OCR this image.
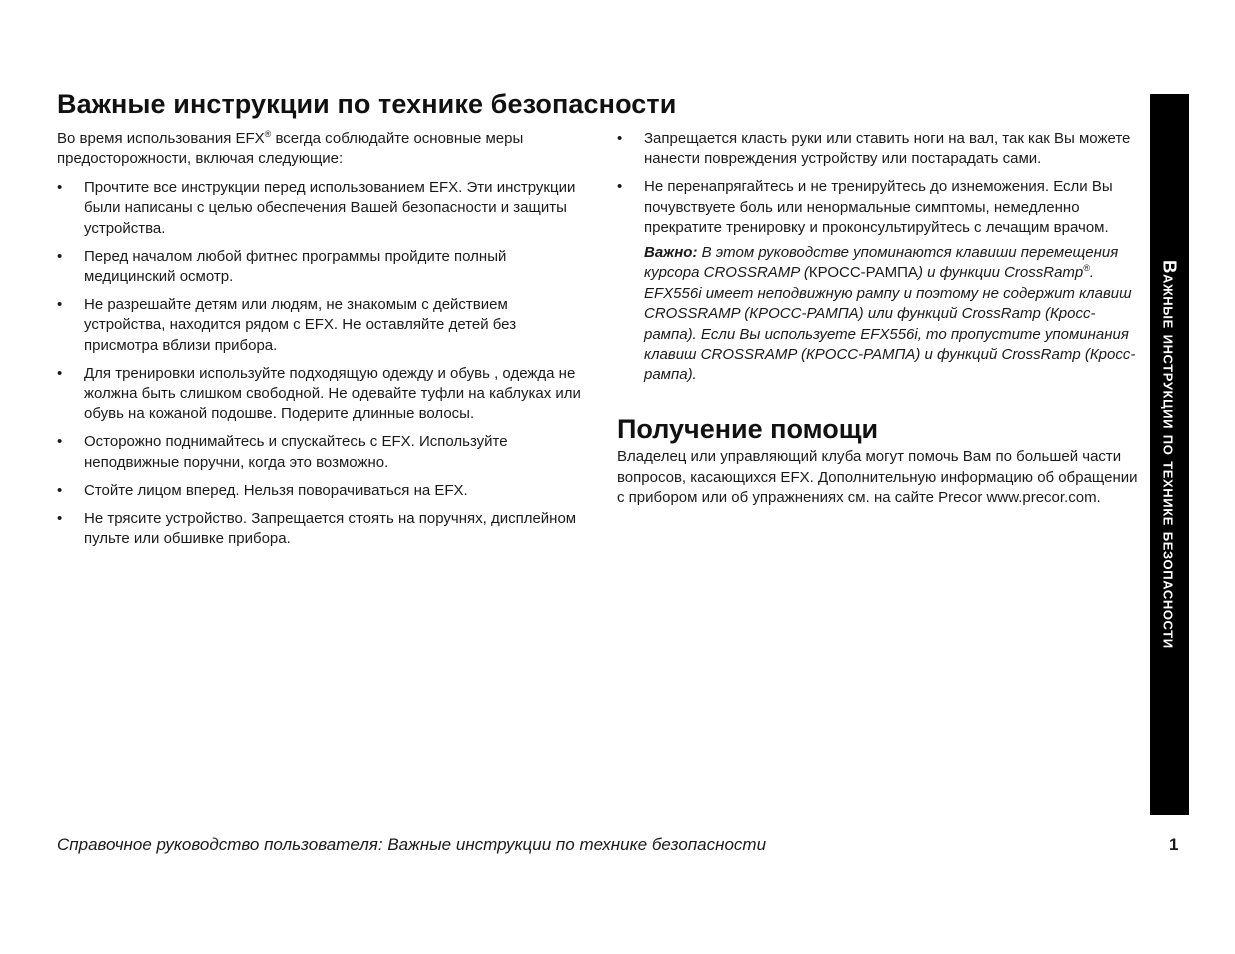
Важные инструкции по технике безопасности

Во время использования EFX® всегда соблюдайте основные меры предосторожности, включая следующие:

• Прочтите все инструкции перед использованием EFX. Эти инструкции были написаны с целью обеспечения Вашей безопасности и защиты устройства.
• Перед началом любой фитнес программы пройдите полный медицинский осмотр.
• Не разрешайте детям или людям, не знакомым с действием устройства, находится рядом с EFX. Не оставляйте детей без присмотра вблизи прибора.
• Для тренировки используйте подходящую одежду и обувь , одежда не жолжна быть слишком свободной. Не одевайте туфли на каблуках или обувь на кожаной подошве. Подерите длинные волосы.
• Осторожно поднимайтесь и спускайтесь с EFX. Используйте неподвижные поручни, когда это возможно.
• Стойте лицом вперед. Нельзя поворачиваться на EFX.
• Не трясите устройство. Запрещается стоять на поручнях, дисплейном пульте или обшивке прибора.
• Запрещается класть руки или ставить ноги на вал, так как Вы можете нанести повреждения устройству или постарадать сами.
• Не перенапрягайтесь и не тренируйтесь до изнеможения. Если Вы почувствуете боль или ненормальные симптомы, немедленно прекратите тренировку и проконсультируйтесь с лечащим врачом.

Важно: В этом руководстве упоминаются клавиши перемещения курсора CROSSRAMP (КРОСС-РАМПА) и функции CrossRamp®. EFX556i имеет неподвижную рампу и поэтому не содержит клавиш CROSSRAMP (КРОСС-РАМПА) или функций CrossRamp (Кросс-рампа). Если Вы используете EFX556i, то пропустите упоминания клавиш CROSSRAMP (КРОСС-РАМПА) и функций CrossRamp (Кросс-рампа).

Получение помощи

Владелец или управляющий клуба могут помочь Вам по большей части вопросов, касающихся EFX. Дополнительную информацию об обращении с прибором или об упражнениях см. на сайте Precor www.precor.com.	Важные инструкции по технике безопасности
Справочное руководство пользователя: Важные инструкции по технике безопасности	1
